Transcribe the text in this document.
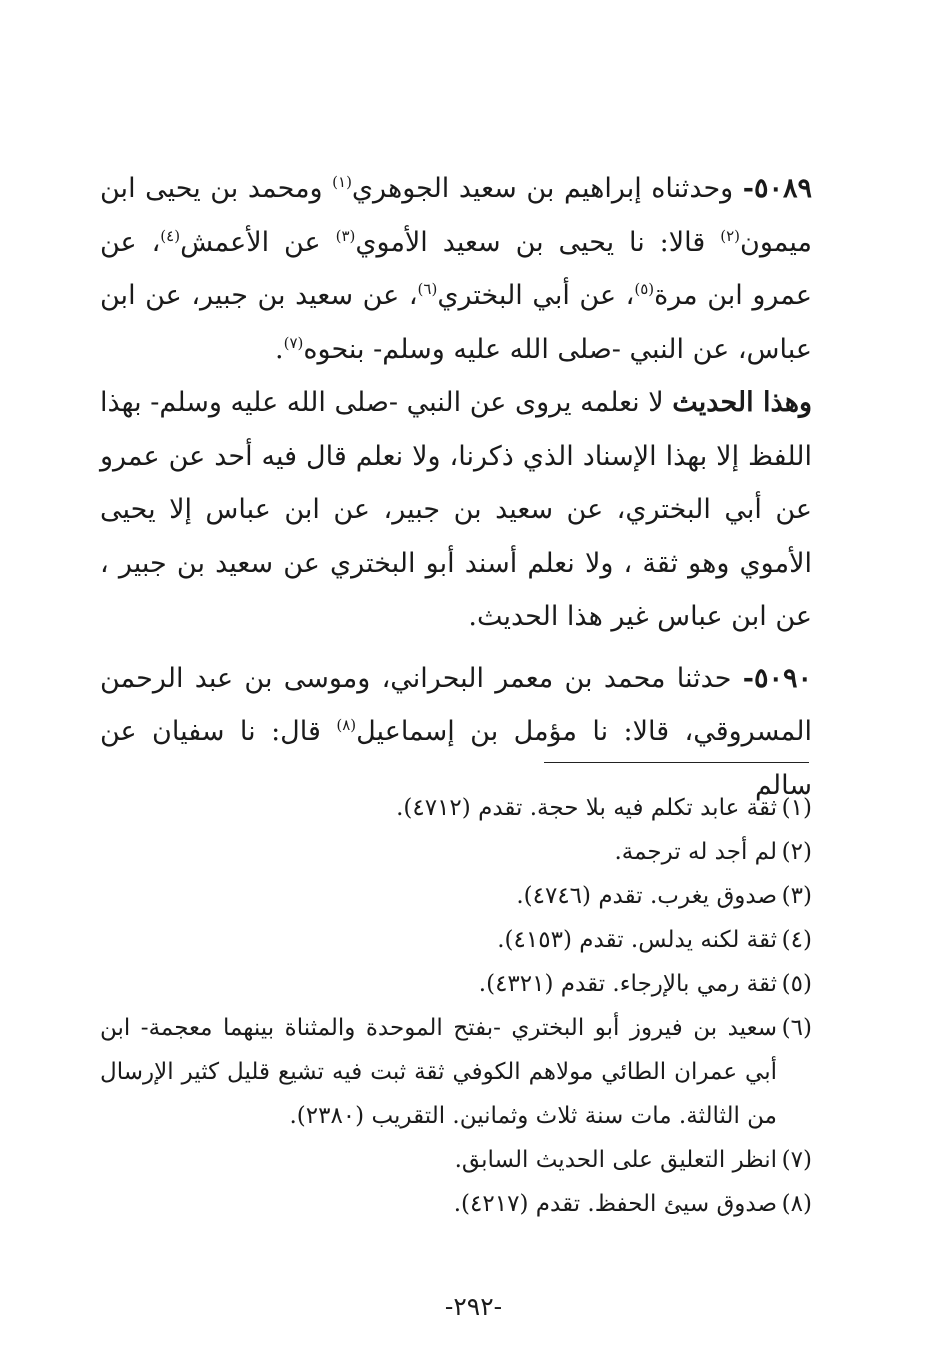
٥٠٨٩- وحدثناه إبراهيم بن سعيد الجوهري$^{(١)}$ ومحمد بن يحيى ابن ميمون$^{(٢)}$ قالا: نا يحيى بن سعيد الأموي$^{(٣)}$ عن الأعمش$^{(٤)}$، عن عمرو ابن مرة$^{(٥)}$، عن أبي البختري$^{(٦)}$، عن سعيد بن جبير، عن ابن عباس، عن النبي -صلى الله عليه وسلم- بنحوه$^{(٧)}$.

وهذا الحديث لا نعلمه يروى عن النبي -صلى الله عليه وسلم- بهذا اللفظ إلا بهذا الإسناد الذي ذكرنا، ولا نعلم قال فيه أحد عن عمرو عن أبي البختري، عن سعيد بن جبير، عن ابن عباس إلا يحيى الأموي وهو ثقة ، ولا نعلم أسند أبو البختري عن سعيد بن جبير ، عن ابن عباس غير هذا الحديث.

٥٠٩٠- حدثنا محمد بن معمر البحراني، وموسى بن عبد الرحمن المسروقي، قالا: نا مؤمل بن إسماعيل$^{(٨)}$ قال: نا سفيان عن سالم

(١)ثقة عابد تكلم فيه بلا حجة. تقدم (٤٧١٢).

(٢)لم أجد له ترجمة.

(٣)صدوق يغرب. تقدم (٤٧٤٦).

(٤)ثقة لكنه يدلس. تقدم (٤١٥٣).

(٥)ثقة رمي بالإرجاء. تقدم (٤٣٢١).

(٦)سعيد بن فيروز أبو البختري -بفتح الموحدة والمثناة بينهما معجمة- ابن أبي عمران الطائي مولاهم الكوفي ثقة ثبت فيه تشيع قليل كثير الإرسال من الثالثة. مات سنة ثلاث وثمانين. التقريب (٢٣٨٠).

(٧)انظر التعليق على الحديث السابق.

(٨)صدوق سيئ الحفظ. تقدم (٤٢١٧).

-٢٩٢-
